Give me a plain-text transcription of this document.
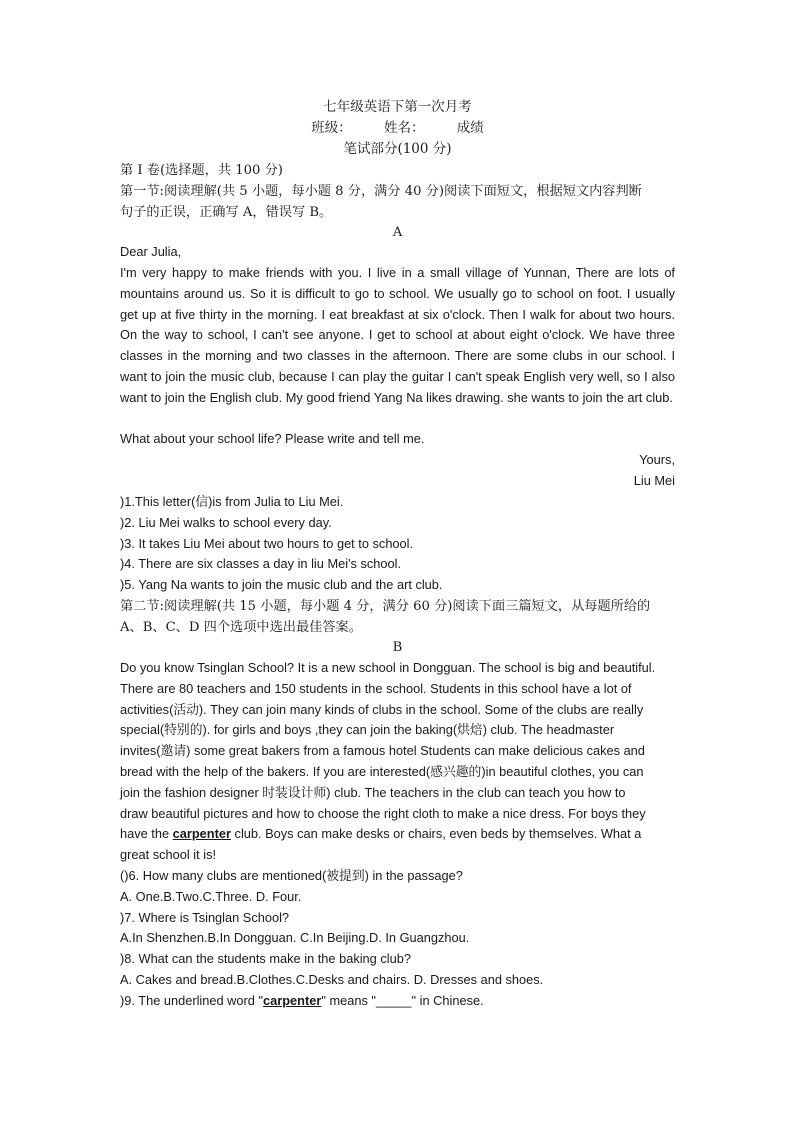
七年级英语下第一次月考
班级： 姓名： 成绩
笔试部分(100 分)
第 I 卷(选择题，共 100 分)
第一节:阅读理解(共 5 小题，每小题 8 分，满分 40 分)阅读下面短文，根据短文内容判断
句子的正误，正确写 A，错误写 B。
A
Dear Julia,
I'm very happy to make friends with you. I live in a small village of Yunnan, There are lots of mountains around us. So it is difficult to go to school. We usually go to school on foot. I usually get up at five thirty in the morning. I eat breakfast at six o'clock. Then I walk for about two hours. On the way to school, I can't see anyone. I get to school at about eight o'clock. We have three classes in the morning and two classes in the afternoon. There are some clubs in our school. I want to join the music club, because I can play the guitar I can't speak English very well, so I also want to join the English club. My good friend Yang Na likes drawing. she wants to join the art club.
What about your school life? Please write and tell me.
Yours,
Liu Mei
)1.This letter(信)is from Julia to Liu Mei.
)2. Liu Mei walks to school every day.
)3. It takes Liu Mei about two hours to get to school.
)4. There are six classes a day in liu Mei's school.
)5. Yang Na wants to join the music club and the art club.
第二节:阅读理解(共 15 小题，每小题 4 分，满分 60 分)阅读下面三篇短文，从每题所给的
A、B、C、D 四个选项中选出最佳答案。
B
Do you know Tsinglan School? It is a new school in Dongguan. The school is big and beautiful. There are 80 teachers and 150 students in the school. Students in this school have a lot of activities(活动). They can join many kinds of clubs in the school. Some of the clubs are really special(特别的). for girls and boys ,they can join the baking(烘焙) club. The headmaster invites(邀请) some great bakers from a famous hotel Students can make delicious cakes and bread with the help of the bakers. If you are interested(感兴趣的)in beautiful clothes, you can join the fashion designer 时装设计师) club. The teachers in the club can teach you how to draw beautiful pictures and how to choose the right cloth to make a nice dress. For boys they have the carpenter club. Boys can make desks or chairs, even beds by themselves. What a great school it is!
()6. How many clubs are mentioned(被提到) in the passage?
A. One.B.Two.C.Three. D. Four.
)7. Where is Tsinglan School?
A.In Shenzhen.B.In Dongguan. C.In Beijing.D. In Guangzhou.
)8. What can the students make in the baking club?
A. Cakes and bread.B.Clothes.C.Desks and chairs. D. Dresses and shoes.
)9. The underlined word "carpenter" means "_____" in Chinese.
